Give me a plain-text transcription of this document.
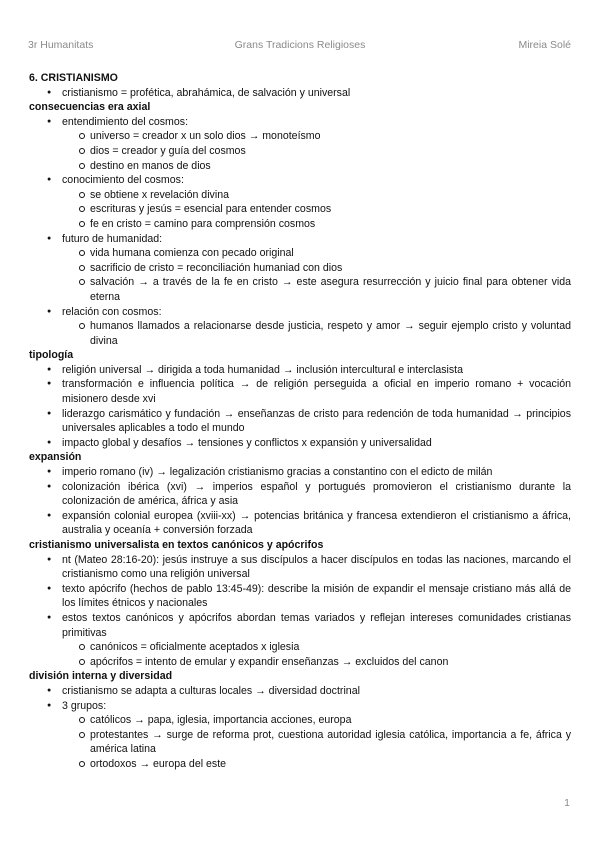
3r Humanitats	Grans Tradicions Religioses	Mireia Solé
6. CRISTIANISMO
● cristianismo = profética, abrahámica, de salvación y universal
consecuencias era axial
● entendimiento del cosmos:
universo = creador x un solo dios → monoteísmo
dios = creador y guía del cosmos
destino en manos de dios
● conocimiento del cosmos:
se obtiene x revelación divina
escrituras y jesús = esencial para entender cosmos
fe en cristo = camino para comprensión cosmos
● futuro de humanidad:
vida humana comienza con pecado original
sacrificio de cristo = reconciliación humaniad con dios
salvación → a través de la fe en cristo → este asegura resurrección y juicio final para obtener vida eterna
● relación con cosmos:
humanos llamados a relacionarse desde justicia, respeto y amor → seguir ejemplo cristo y voluntad divina
tipología
● religión universal → dirigida a toda humanidad → inclusión intercultural e interclasista
● transformación e influencia política → de religión perseguida a oficial en imperio romano + vocación misionero desde xvi
● liderazgo carismático y fundación → enseñanzas de cristo para redención de toda humanidad → principios universales aplicables a todo el mundo
● impacto global y desafíos → tensiones y conflictos x expansión y universalidad
expansión
● imperio romano (iv) → legalización cristianismo gracias a constantino con el edicto de milán
● colonización ibérica (xvi) → imperios español y portugués promovieron el cristianismo durante la colonización de américa, áfrica y asia
● expansión colonial europea (xviii-xx) → potencias británica y francesa extendieron el cristianismo a áfrica, australia y oceanía + conversión forzada
cristianismo universalista en textos canónicos y apócrifos
● nt (Mateo 28:16-20): jesús instruye a sus discípulos a hacer discípulos en todas las naciones, marcando el cristianismo como una religión universal
● texto apócrifo (hechos de pablo 13:45-49): describe la misión de expandir el mensaje cristiano más allá de los límites étnicos y nacionales
● estos textos canónicos y apócrifos abordan temas variados y reflejan intereses comunidades cristianas primitivas
canónicos = oficialmente aceptados x iglesia
apócrifos = intento de emular y expandir enseñanzas → excluidos del canon
división interna y diversidad
● cristianismo se adapta a culturas locales → diversidad doctrinal
● 3 grupos:
católicos → papa, iglesia, importancia acciones, europa
protestantes → surge de reforma prot, cuestiona autoridad iglesia católica, importancia a fe, áfrica y américa latina
ortodoxos → europa del este
1
